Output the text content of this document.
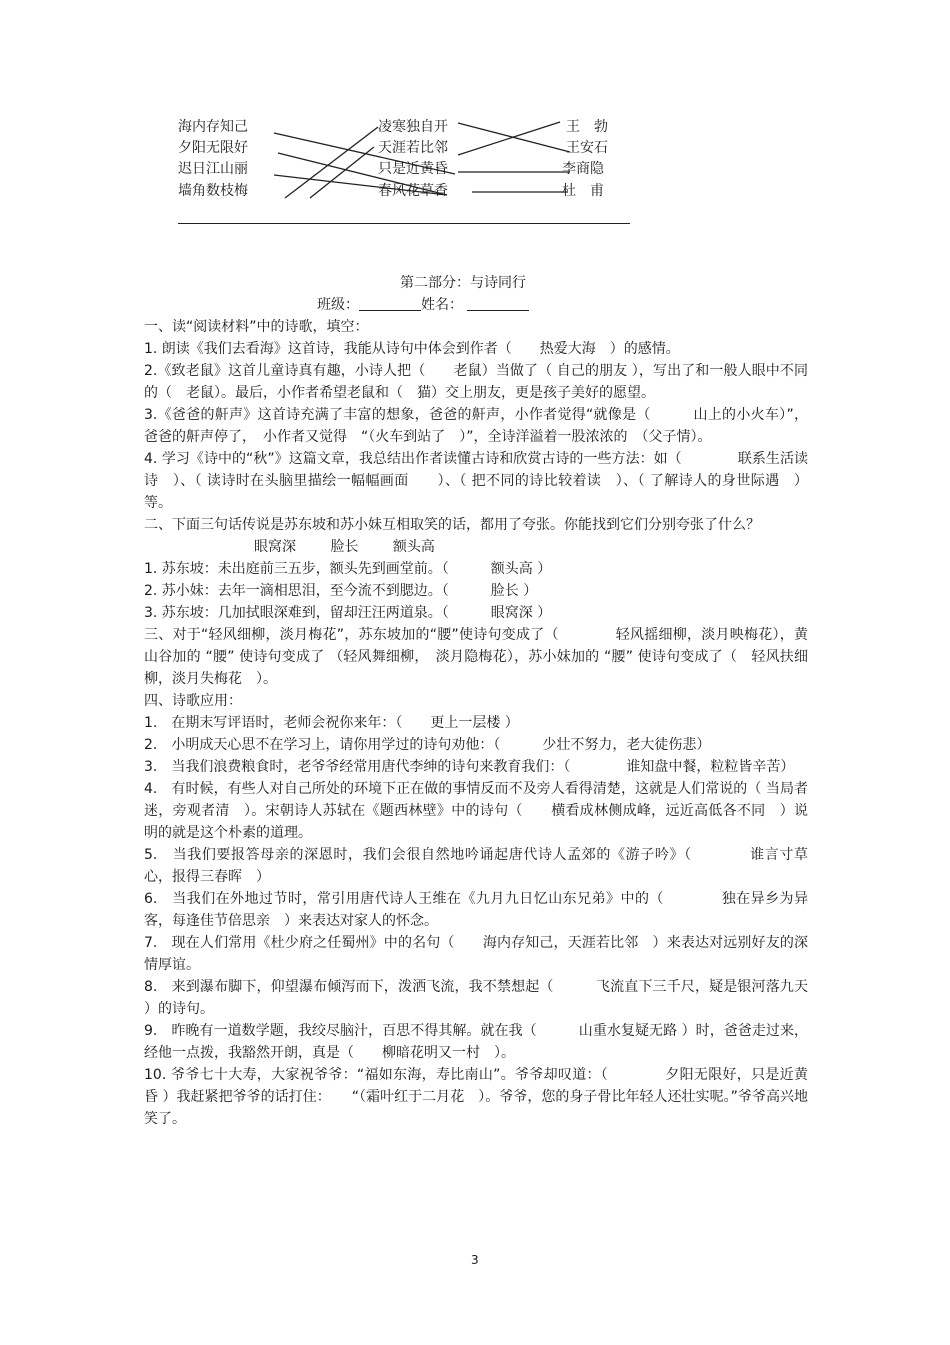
海内存知己
夕阳无限好
迟日江山丽
墙角数枝梅
凌寒独自开
天涯若比邻
只是近黄昏
春风花草香
王　勃
王安石
李商隐
杜　甫
第二部分：与诗同行
班级：	姓名：

一、读“阅读材料”中的诗歌，填空：

1. 朗读《我们去看海》这首诗，我能从诗句中体会到作者（　　热爱大海　）的感情。

2.《致老鼠》这首儿童诗真有趣，小诗人把（　　老鼠）当做了（ 自己的朋友 ），写出了和一般人眼中不同的（　老鼠）。最后，小作者希望老鼠和（　猫）交上朋友，更是孩子美好的愿望。

3.《爸爸的鼾声》这首诗充满了丰富的想象，爸爸的鼾声，小作者觉得“就像是（　　　山上的小火车）”，爸爸的鼾声停了，　小作者又觉得　“（火车到站了　）”，全诗洋溢着一股浓浓的　（父子情）。

4. 学习《诗中的“秋”》这篇文章，我总结出作者读懂古诗和欣赏古诗的一些方法：如（　　　　联系生活读诗　）、（ 读诗时在头脑里描绘一幅幅画面　　）、（ 把不同的诗比较着读　）、（ 了解诗人的身世际遇　）等。

二、下面三句话传说是苏东坡和苏小妹互相取笑的话，都用了夸张。你能找到它们分别夸张了什么？

眼窝深 脸长 额头高

1. 苏东坡：未出庭前三五步，额头先到画堂前。（　　　额头高 ）

2. 苏小妹：去年一滴相思泪，至今流不到腮边。（　　　脸长 ）

3. 苏东坡：几加拭眼深难到，留却汪汪两道泉。（　　　眼窝深 ）

三、对于“轻风细柳，淡月梅花”，苏东坡加的“腰”使诗句变成了（　　　　轻风摇细柳，淡月映梅花），黄山谷加的 “腰” 使诗句变成了 （轻风舞细柳，　淡月隐梅花），苏小妹加的 “腰” 使诗句变成了（　轻风扶细柳，淡月失梅花　）。

四、诗歌应用：

1.　在期末写评语时，老师会祝你来年：（　　更上一层楼 ）

2.　小明成天心思不在学习上，请你用学过的诗句劝他：（　　　少壮不努力，老大徒伤悲）

3.　当我们浪费粮食时，老爷爷经常用唐代李绅的诗句来教育我们：（　　　　谁知盘中餐，粒粒皆辛苦）

4.　有时候，有些人对自己所处的环境下正在做的事情反而不及旁人看得清楚，这就是人们常说的（ 当局者迷，旁观者清　）。宋朝诗人苏轼在《题西林壁》中的诗句（　　横看成林侧成峰，远近高低各不同　）说明的就是这个朴素的道理。

5.　当我们要报答母亲的深恩时，我们会很自然地吟诵起唐代诗人孟郊的《游子吟》（　　　　谁言寸草心，报得三春晖　）

6.　当我们在外地过节时，常引用唐代诗人王维在《九月九日忆山东兄弟》中的（　　　　独在异乡为异客，每逢佳节倍思亲　）来表达对家人的怀念。

7.　现在人们常用《杜少府之任蜀州》中的名句（　　海内存知己，天涯若比邻　）来表达对远别好友的深情厚谊。

8.　来到瀑布脚下，仰望瀑布倾泻而下，泼洒飞流，我不禁想起（　　　飞流直下三千尺，疑是银河落九天 ）的诗句。

9.　昨晚有一道数学题，我绞尽脑汁，百思不得其解。就在我（　　　山重水复疑无路 ）时，爸爸走过来，经他一点拨，我豁然开朗，真是（　　柳暗花明又一村　）。

10. 爷爷七十大寿，大家祝爷爷：“福如东海，寿比南山”。爷爷却叹道：（　　　　夕阳无限好，只是近黄昏 ）我赶紧把爷爷的话打住：　　“（霜叶红于二月花　）。爷爷，您的身子骨比年轻人还壮实呢。”爷爷高兴地笑了。

3
